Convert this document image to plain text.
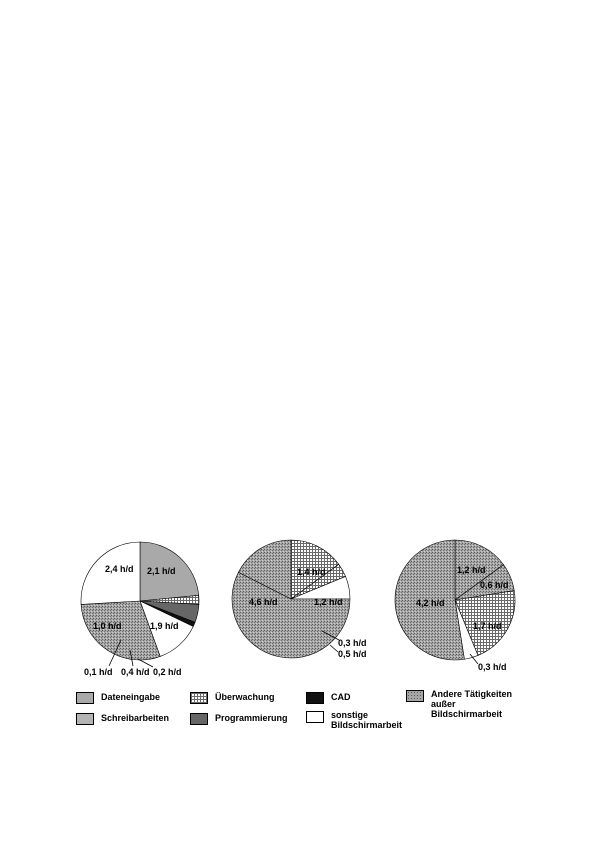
2,4 h/d 2,1 h/d
1,0 h/d	1,9 h/d
0,1 h/d 0,4 h/d 0,2 h/d
1,4 h/d
4,6 h/d	1,2 h/d
0,3 h/d
0,5 h/d
1,2 h/d
0,6 h/d
4,2 h/d
1,7 h/d
0,3 h/d
Dateneingabe
Schreibarbeiten
Überwachung
Programmierung
CAD
sonstige Bildschirmarbeit
Andere Tätigkeiten außer Bildschirmarbeit
